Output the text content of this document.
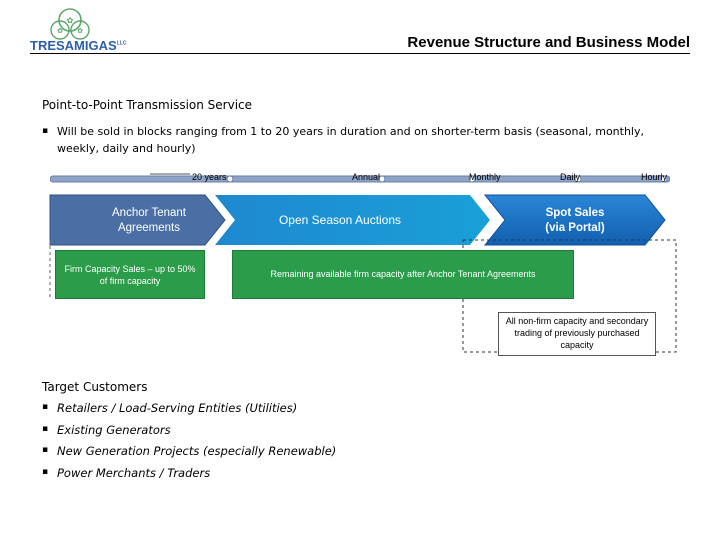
✿
✿ ✿
$TRESAMIGAS^{LLC}$	Revenue Structure and Business Model
Point-to-Point Transmission Service
▪ Will be sold in blocks ranging from 1 to 20 years in duration and on shorter-term basis (seasonal, monthly, weekly, daily and hourly)
20 years	Annual	Monthly	Daily	Hourly
Anchor Tenant Agreements
Open Season Auctions	Spot Sales
(via Portal)
Firm Capacity Sales – up to 50% of firm capacity
Remaining available firm capacity after Anchor Tenant Agreements
All non-firm capacity and secondary trading of previously purchased capacity
Target Customers
▪ Retailers / Load-Serving Entities (Utilities)
▪ Existing Generators
▪ New Generation Projects (especially Renewable)
▪ Power Merchants / Traders
